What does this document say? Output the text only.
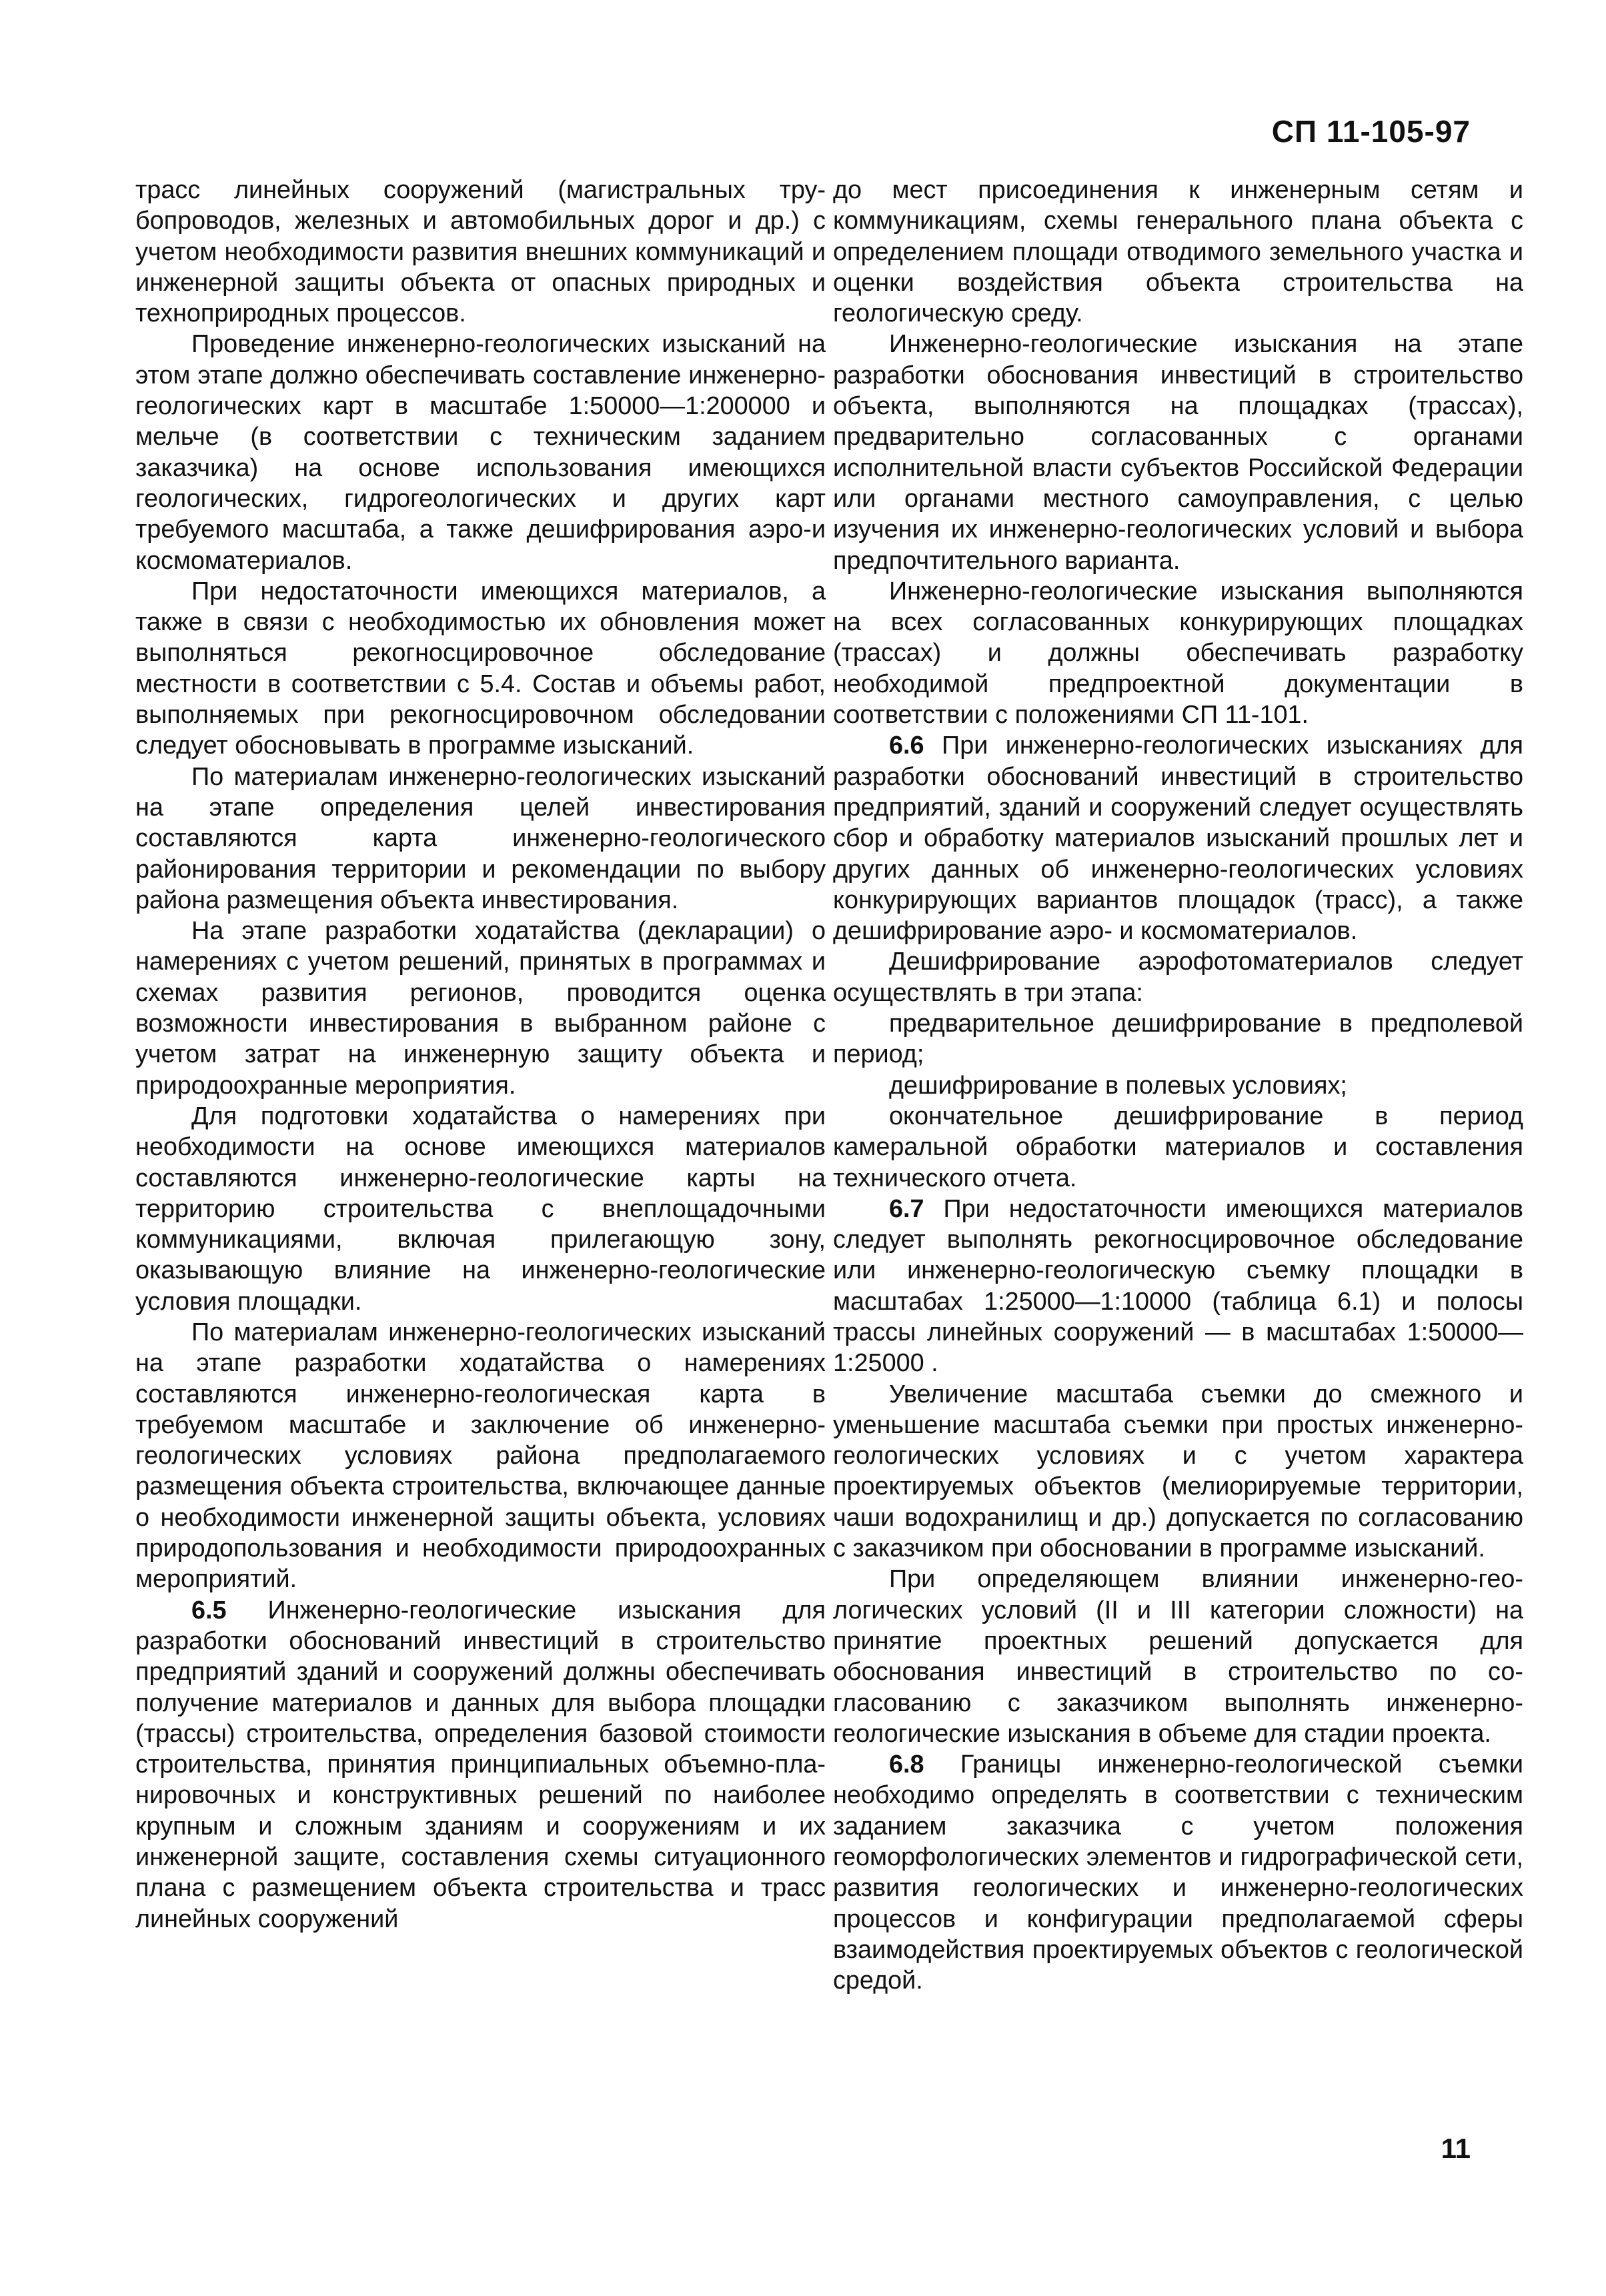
СП 11-105-97

трасс линейных сооружений (магистральных трубопроводов, железных и автомобильных дорог и др.) с учетом необходимости развития внешних коммуникаций и инженерной защиты объекта от опасных природных и техноприродных процессов.

Проведение инженерно-геологических изысканий на этом этапе должно обеспечивать составление инженерно-геологических карт в масштабе 1:50000—1:200000 и мельче (в соответствии с техническим заданием заказчика) на основе использования имеющихся геологических, гидрогеологических и других карт требуемого масштаба, а также дешифрирования аэро-и космоматериалов.

При недостаточности имеющихся материалов, а также в связи с необходимостью их обновления может выполняться рекогносцировочное обследование местности в соответствии с 5.4. Состав и объемы работ, выполняемых при рекогносцировочном обследовании следует обосновывать в программе изысканий.

По материалам инженерно-геологических изысканий на этапе определения целей инвестирования составляются карта инженерно-геологического районирования территории и рекомендации по выбору района размещения объекта инвестирования.

На этапе разработки ходатайства (декларации) о намерениях с учетом решений, принятых в программах и схемах развития регионов, проводится оценка возможности инвестирования в выбранном районе с учетом затрат на инженерную защиту объекта и природоохранные мероприятия.

Для подготовки ходатайства о намерениях при необходимости на основе имеющихся материалов составляются инженерно-геологические карты на территорию строительства с внеплощадочными коммуникациями, включая прилегающую зону, оказывающую влияние на инженерно-геологические условия площадки.

По материалам инженерно-геологических изысканий на этапе разработки ходатайства о намерениях составляются инженерно-геологическая карта в требуемом масштабе и заключение об инженерно-геологических условиях района предполагаемого размещения объекта строительства, включающее данные о необходимости инженерной защиты объекта, условиях природопользования и необходимости природоохранных мероприятий.

6.5 Инженерно-геологические изыскания для разработки обоснований инвестиций в строительство предприятий зданий и сооружений должны обеспечивать получение материалов и данных для выбора площадки (трассы) строительства, определения базовой стоимости строительства, принятия принципиальных объемно-планировочных и конструктивных решений по наиболее крупным и сложным зданиям и сооружениям и их инженерной защите, составления схемы ситуационного плана с размещением объекта строительства и трасс линейных сооружений

до мест присоединения к инженерным сетям и коммуникациям, схемы генерального плана объекта с определением площади отводимого земельного участка и оценки воздействия объекта строительства на геологическую среду.

Инженерно-геологические изыскания на этапе разработки обоснования инвестиций в строительство объекта, выполняются на площадках (трассах), предварительно согласованных с органами исполнительной власти субъектов Российской Федерации или органами местного самоуправления, с целью изучения их инженерно-геологических условий и выбора предпочтительного варианта.

Инженерно-геологические изыскания выполняются на всех согласованных конкурирующих площадках (трассах) и должны обеспечивать разработку необходимой предпроектной документации в соответствии с положениями СП 11-101.

6.6 При инженерно-геологических изысканиях для разработки обоснований инвестиций в строительство предприятий, зданий и сооружений следует осуществлять сбор и обработку материалов изысканий прошлых лет и других данных об инженерно-геологических условиях конкурирующих вариантов площадок (трасс), а также дешифрирование аэро- и космоматериалов.

Дешифрирование аэрофотоматериалов следует осуществлять в три этапа:

предварительное дешифрирование в предполевой период;

дешифрирование в полевых условиях;

окончательное дешифрирование в период камеральной обработки материалов и составления технического отчета.

6.7 При недостаточности имеющихся материалов следует выполнять рекогносцировочное обследование или инженерно-геологическую съемку площадки в масштабах 1:25000—1:10000 (таблица 6.1) и полосы трассы линейных сооружений — в масштабах 1:50000—1:25000 .

Увеличение масштаба съемки до смежного и уменьшение масштаба съемки при простых инженерно-геологических условиях и с учетом характера проектируемых объектов (мелиорируемые территории, чаши водохранилищ и др.) допускается по согласованию с заказчиком при обосновании в программе изысканий.

При определяющем влиянии инженерно-геологических условий (II и III категории сложности) на принятие проектных решений допускается для обоснования инвестиций в строительство по согласованию с заказчиком выполнять инженерногеологические изыскания в объеме для стадии проекта.

6.8 Границы инженерно-геологической съемки необходимо определять в соответствии с техническим заданием заказчика с учетом положения геоморфологических элементов и гидрографической сети, развития геологических и инженерно-геологических процессов и конфигурации предполагаемой сферы взаимодействия проектируемых объектов с геологической средой.

11
